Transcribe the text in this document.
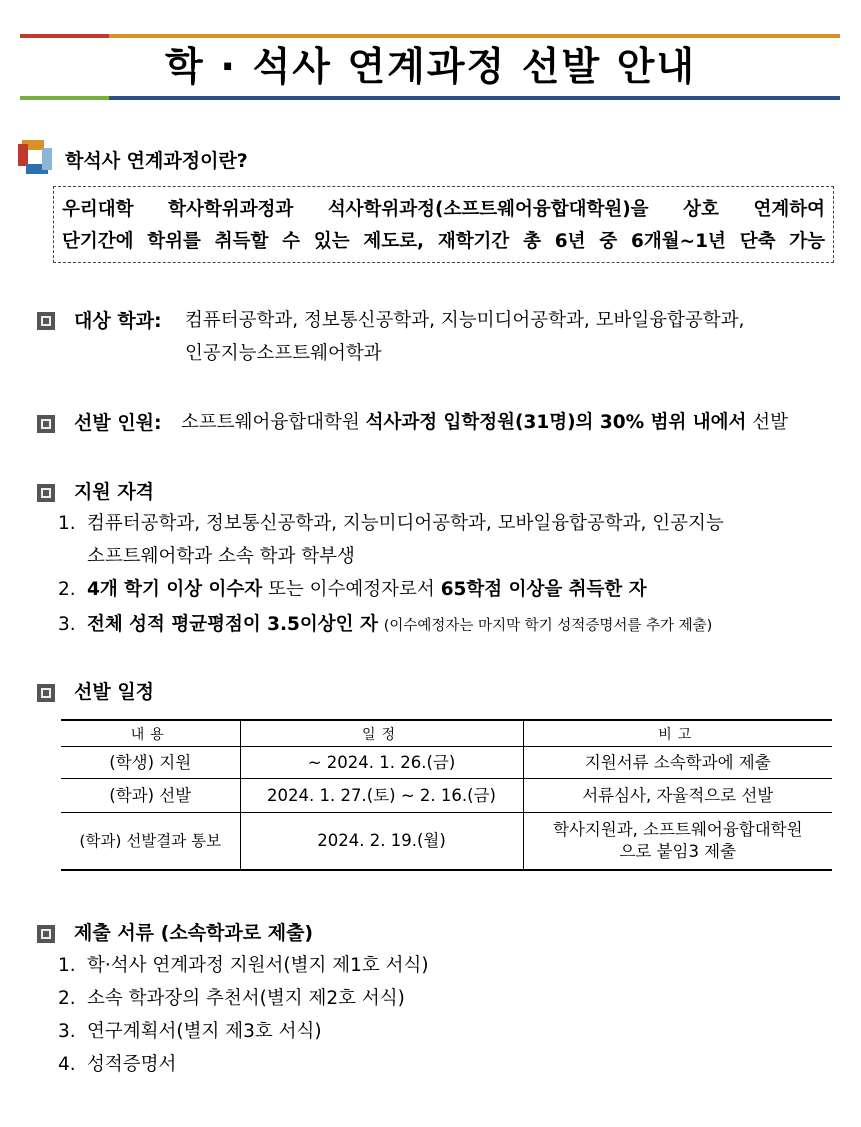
학 · 석사 연계과정 선발 안내
학석사 연계과정이란?
우리대학 학사학위과정과 석사학위과정(소프트웨어융합대학원)을 상호 연계하여
단기간에 학위를 취득할 수 있는 제도로, 재학기간 총 6년 중 6개월~1년 단축 가능
대상 학과: 컴퓨터공학과, 정보통신공학과, 지능미디어공학과, 모바일융합공학과,
인공지능소프트웨어학과
선발 인원: 소프트웨어융합대학원 석사과정 입학정원(31명)의 30% 범위 내에서 선발
지원 자격
1. 컴퓨터공학과, 정보통신공학과, 지능미디어공학과, 모바일융합공학과, 인공지능
소프트웨어학과 소속 학과 학부생
2. 4개 학기 이상 이수자 또는 이수예정자로서 65학점 이상을 취득한 자
3. 전체 성적 평균평점이 3.5이상인 자 (이수예정자는 마지막 학기 성적증명서를 추가 제출)
선발 일정
내용	일정	비고
(학생) 지원	~ 2024. 1. 26.(금)	지원서류 소속학과에 제출
(학과) 선발	2024. 1. 27.(토) ~ 2. 16.(금)	서류심사, 자율적으로 선발
(학과) 선발결과 통보	2024. 2. 19.(월)	학사지원과, 소프트웨어융합대학원으로 붙임3 제출
제출 서류 (소속학과로 제출)
1. 학·석사 연계과정 지원서(별지 제1호 서식)
2. 소속 학과장의 추천서(별지 제2호 서식)
3. 연구계획서(별지 제3호 서식)
4. 성적증명서
